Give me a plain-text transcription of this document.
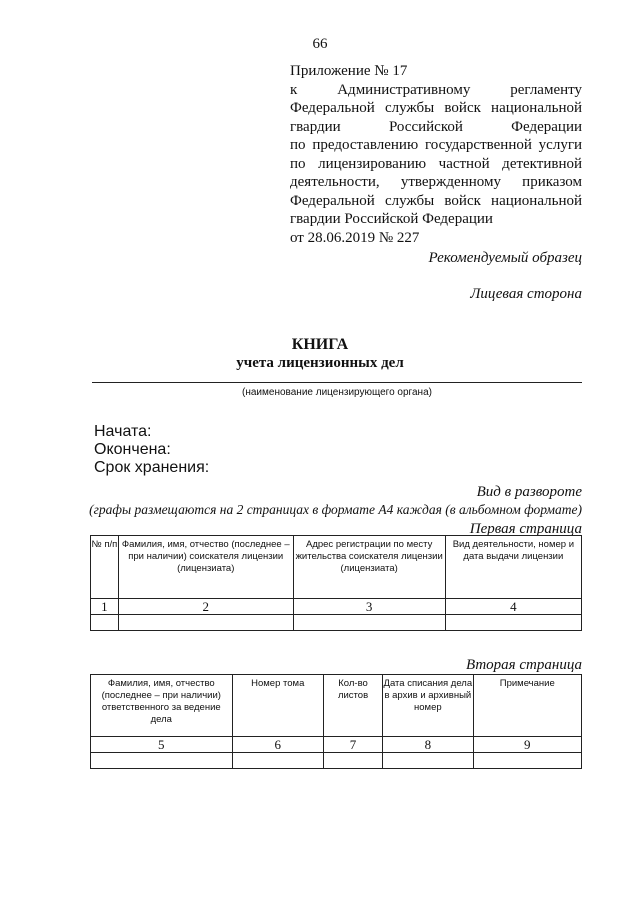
66
Приложение № 17
к Административному регламенту
Федеральной службы войск национальной
гвардии Российской Федерации
по предоставлению государственной услуги
по лицензированию частной детективной
деятельности, утвержденному приказом
Федеральной службы войск национальной
гвардии Российской Федерации
от 28.06.2019 № 227
Рекомендуемый образец
Лицевая сторона
КНИГА
учета лицензионных дел
(наименование лицензирующего органа)
Начата:
Окончена:
Срок хранения:
Вид в развороте
(графы размещаются на 2 страницах в формате А4 каждая (в альбомном формате)
Первая страница
№ п/п	Фамилия, имя, отчество (последнее – при наличии) соискателя лицензии (лицензиата)	Адрес регистрации по месту жительства соискателя лицензии (лицензиата)	Вид деятельности, номер и дата выдачи лицензии
1	2	3	4

Вторая страница
Фамилия, имя, отчество (последнее – при наличии) ответственного за ведение дела	Номер тома	Кол-во листов	Дата списания дела в архив и архивный номер	Примечание
5	6	7	8	9
